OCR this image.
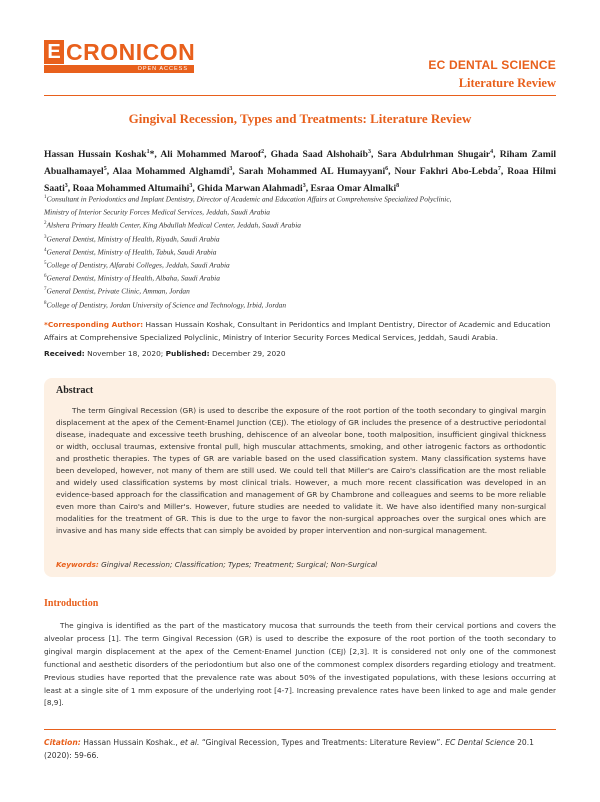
E CRONICON
OPEN ACCESS	EC DENTAL SCIENCE
Literature Review
Gingival Recession, Types and Treatments: Literature Review
Hassan Hussain Koshak$^1$*, Ali Mohammed Maroof$^2$, Ghada Saad Alshohaib$^3$, Sara Abdulrhman Shugair$^4$, Riham Zamil Abualhamayel$^5$, Alaa Mohammed Alghamdi$^3$, Sarah Mohammed AL Humayyani$^6$, Nour Fakhri Abo-Lebda$^7$, Roaa Hilmi Saati$^3$, Roaa Mohammed Altumaihi$^3$, Ghida Marwan Alahmadi$^3$, Esraa Omar Almalki$^8$
$^1$Consultant in Periodontics and Implant Dentistry, Director of Academic and Education Affairs at Comprehensive Specialized Polyclinic,
Ministry of Interior Security Forces Medical Services, Jeddah, Saudi Arabia
$^2$Alshera Primary Health Center, King Abdullah Medical Center, Jeddah, Saudi Arabia
$^3$General Dentist, Ministry of Health, Riyadh, Saudi Arabia
$^4$General Dentist, Ministry of Health, Tabuk, Saudi Arabia
$^5$College of Dentistry, Alfarabi Colleges, Jeddah, Saudi Arabia
$^6$General Dentist, Ministry of Health, Albaha, Saudi Arabia
$^7$General Dentist, Private Clinic, Amman, Jordan
$^8$College of Dentistry, Jordan University of Science and Technology, Irbid, Jordan
*Corresponding Author: Hassan Hussain Koshak, Consultant in Peridontics and Implant Dentistry, Director of Academic and Education Affairs at Comprehensive Specialized Polyclinic, Ministry of Interior Security Forces Medical Services, Jeddah, Saudi Arabia.
Received: November 18, 2020; Published: December 29, 2020
Abstract
The term Gingival Recession (GR) is used to describe the exposure of the root portion of the tooth secondary to gingival margin displacement at the apex of the Cement-Enamel Junction (CEJ). The etiology of GR includes the presence of a destructive periodontal disease, inadequate and excessive teeth brushing, dehiscence of an alveolar bone, tooth malposition, insufficient gingival thickness or width, occlusal traumas, extensive frontal pull, high muscular attachments, smoking, and other iatrogenic factors as orthodontic and prosthetic therapies. The types of GR are variable based on the used classification system. Many classification systems have been developed, however, not many of them are still used. We could tell that Miller's are Cairo's classification are the most reliable and widely used classification systems by most clinical trials. However, a much more recent classification was developed in an evidence-based approach for the classification and management of GR by Chambrone and colleagues and seems to be more reliable even more than Cairo's and Miller's. However, future studies are needed to validate it. We have also identified many non-surgical modalities for the treatment of GR. This is due to the urge to favor the non-surgical approaches over the surgical ones which are invasive and has many side effects that can simply be avoided by proper intervention and non-surgical management.
Keywords: Gingival Recession; Classification; Types; Treatment; Surgical; Non-Surgical
Introduction
The gingiva is identified as the part of the masticatory mucosa that surrounds the teeth from their cervical portions and covers the alveolar process [1]. The term Gingival Recession (GR) is used to describe the exposure of the root portion of the tooth secondary to gingival margin displacement at the apex of the Cement-Enamel Junction (CEJ) [2,3]. It is considered not only one of the commonest functional and aesthetic disorders of the periodontium but also one of the commonest complex disorders regarding etiology and treatment. Previous studies have reported that the prevalence rate was about 50% of the investigated populations, with these lesions occurring at least at a single site of 1 mm exposure of the underlying root [4-7]. Increasing prevalence rates have been linked to age and male gender [8,9].
Citation: Hassan Hussain Koshak., et al. “Gingival Recession, Types and Treatments: Literature Review”. EC Dental Science 20.1 (2020): 59-66.
